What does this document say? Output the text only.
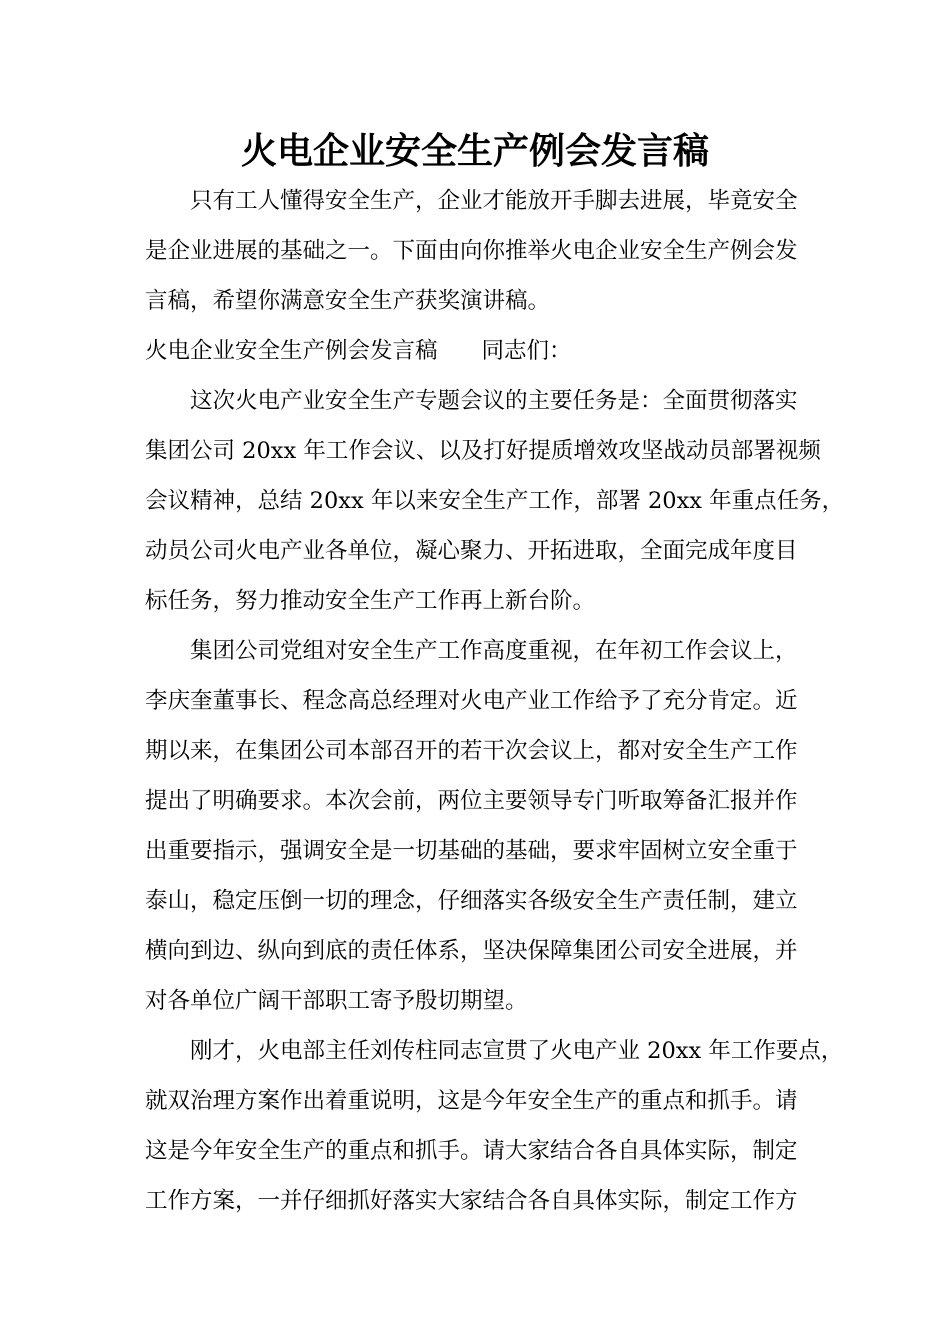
火电企业安全生产例会发言稿

只有工人懂得安全生产，企业才能放开手脚去进展，毕竟安全

是企业进展的基础之一。下面由向你推举火电企业安全生产例会发

言稿，希望你满意安全生产获奖演讲稿。

火电企业安全生产例会发言稿 同志们：

这次火电产业安全生产专题会议的主要任务是：全面贯彻落实

集团公司 20xx 年工作会议、以及打好提质增效攻坚战动员部署视频

会议精神，总结 20xx 年以来安全生产工作，部署 20xx 年重点任务，

动员公司火电产业各单位，凝心聚力、开拓进取，全面完成年度目

标任务，努力推动安全生产工作再上新台阶。

集团公司党组对安全生产工作高度重视，在年初工作会议上，

李庆奎董事长、程念高总经理对火电产业工作给予了充分肯定。近

期以来，在集团公司本部召开的若干次会议上，都对安全生产工作

提出了明确要求。本次会前，两位主要领导专门听取筹备汇报并作

出重要指示，强调安全是一切基础的基础，要求牢固树立安全重于

泰山，稳定压倒一切的理念，仔细落实各级安全生产责任制，建立

横向到边、纵向到底的责任体系，坚决保障集团公司安全进展，并

对各单位广阔干部职工寄予殷切期望。

刚才，火电部主任刘传柱同志宣贯了火电产业 20xx 年工作要点，

就双治理方案作出着重说明，这是今年安全生产的重点和抓手。请

这是今年安全生产的重点和抓手。请大家结合各自具体实际，制定

工作方案，一并仔细抓好落实大家结合各自具体实际，制定工作方
